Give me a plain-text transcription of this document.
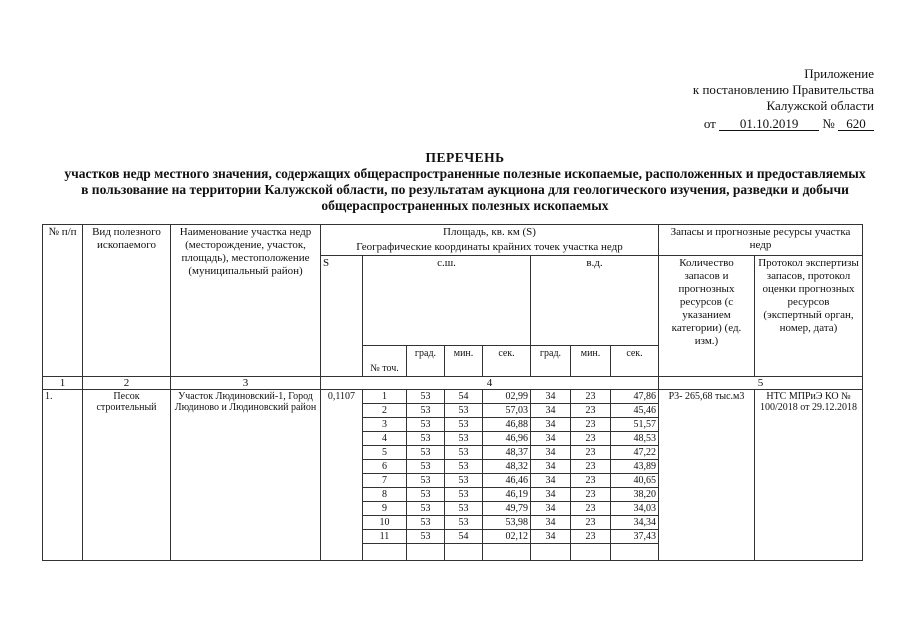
Приложение
к постановлению Правительства
Калужской области
от 01.10.2019 № 620
ПЕРЕЧЕНЬ
участков недр местного значения, содержащих общераспространенные полезные ископаемые, расположенных и предоставляемых в пользование на территории Калужской области, по результатам аукциона для геологического изучения, разведки и добычи общераспространенных полезных ископаемых
№ п/п	Вид полезного ископаемого	Наименование участка недр (месторождение, участок, площадь), местоположение (муниципальный район)	Площадь, кв. км (S)								Запасы и прогнозные ресурсы участка недр	
			Географические координаты крайних точек участка недр									
			S	с.ш.				в.д.			Количество запасов и прогнозных ресурсов (с указанием категории) (ед. изм.)	Протокол экспертизы запасов, протокол оценки прогнозных ресурсов (экспертный орган, номер, дата)
				№ точ.	град.	мин.	сек.	град.	мин.	сек.		
1	2	3	4								5	
1.	Песок строительный	Участок Людиновский-1, Город Людиново и Людиновский район	0,1107	1	53	54	02,99	34	23	47,86	Р3- 265,68 тыс.м3	НТС МПРиЭ КО № 100/2018 от 29.12.2018
				2	53	53	57,03	34	23	45,46		
				3	53	53	46,88	34	23	51,57		
				4	53	53	46,96	34	23	48,53		
				5	53	53	48,37	34	23	47,22		
				6	53	53	48,32	34	23	43,89		
				7	53	53	46,46	34	23	40,65		
				8	53	53	46,19	34	23	38,20		
				9	53	53	49,79	34	23	34,03		
				10	53	53	53,98	34	23	34,34		
				11	53	54	02,12	34	23	37,43		
